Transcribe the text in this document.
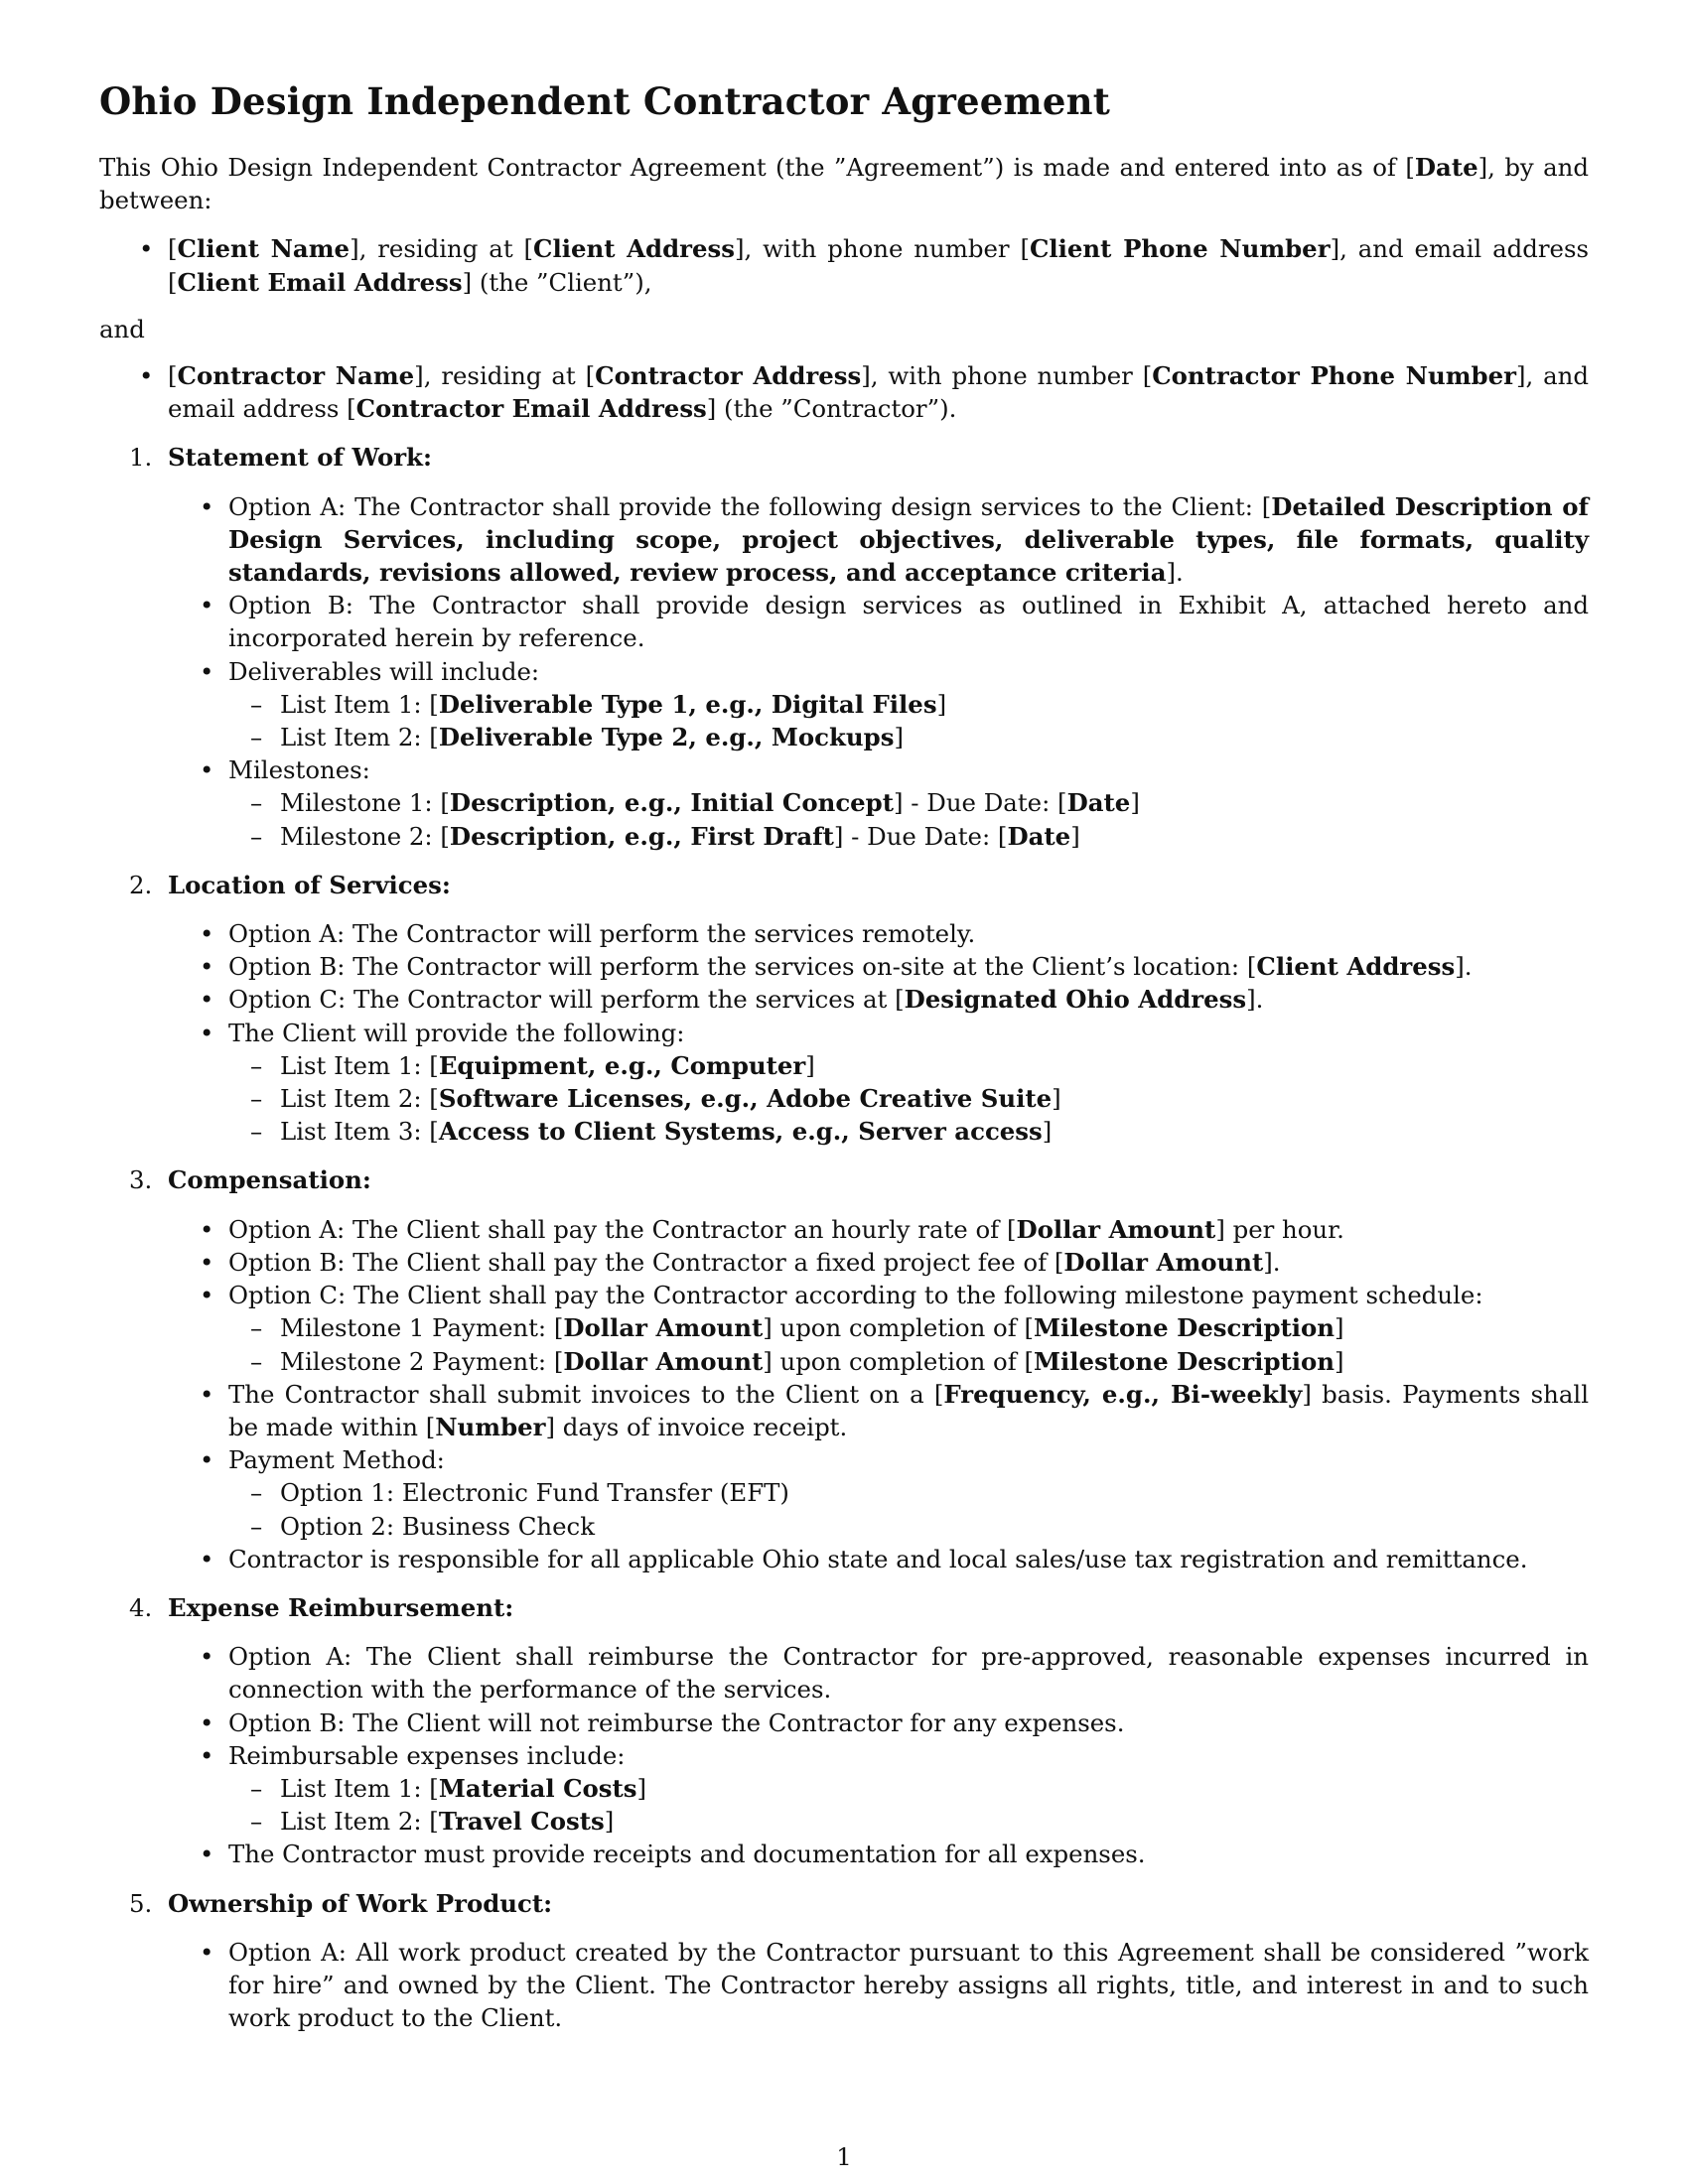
Ohio Design Independent Contractor Agreement

This Ohio Design Independent Contractor Agreement (the ”Agreement”) is made and entered into as of [Date], by and between:

• [Client Name], residing at [Client Address], with phone number [Client Phone Number], and email address [Client Email Address] (the ”Client”),

and

• [Contractor Name], residing at [Contractor Address], with phone number [Contractor Phone Number], and email address [Contractor Email Address] (the ”Contractor”).
1. Statement of Work:
• Option A: The Contractor shall provide the following design services to the Client: [Detailed Description of Design Services, including scope, project objectives, deliverable types, file formats, quality standards, revisions allowed, review process, and acceptance criteria].
• Option B: The Contractor shall provide design services as outlined in Exhibit A, attached hereto and incorporated herein by reference.
• Deliverables will include:
– List Item 1: [Deliverable Type 1, e.g., Digital Files]
– List Item 2: [Deliverable Type 2, e.g., Mockups]
• Milestones:
– Milestone 1: [Description, e.g., Initial Concept] - Due Date: [Date]
– Milestone 2: [Description, e.g., First Draft] - Due Date: [Date]
2. Location of Services:
• Option A: The Contractor will perform the services remotely.
• Option B: The Contractor will perform the services on-site at the Client’s location: [Client Address].
• Option C: The Contractor will perform the services at [Designated Ohio Address].
• The Client will provide the following:
– List Item 1: [Equipment, e.g., Computer]
– List Item 2: [Software Licenses, e.g., Adobe Creative Suite]
– List Item 3: [Access to Client Systems, e.g., Server access]
3. Compensation:
• Option A: The Client shall pay the Contractor an hourly rate of [Dollar Amount] per hour.
• Option B: The Client shall pay the Contractor a fixed project fee of [Dollar Amount].
• Option C: The Client shall pay the Contractor according to the following milestone payment schedule:
– Milestone 1 Payment: [Dollar Amount] upon completion of [Milestone Description]
– Milestone 2 Payment: [Dollar Amount] upon completion of [Milestone Description]
• The Contractor shall submit invoices to the Client on a [Frequency, e.g., Bi-weekly] basis. Payments shall be made within [Number] days of invoice receipt.
• Payment Method:
– Option 1: Electronic Fund Transfer (EFT)
– Option 2: Business Check
• Contractor is responsible for all applicable Ohio state and local sales/use tax registration and remittance.
4. Expense Reimbursement:
• Option A: The Client shall reimburse the Contractor for pre-approved, reasonable expenses incurred in connection with the performance of the services.
• Option B: The Client will not reimburse the Contractor for any expenses.
• Reimbursable expenses include:
– List Item 1: [Material Costs]
– List Item 2: [Travel Costs]
• The Contractor must provide receipts and documentation for all expenses.
5. Ownership of Work Product:
• Option A: All work product created by the Contractor pursuant to this Agreement shall be considered ”work for hire” and owned by the Client. The Contractor hereby assigns all rights, title, and interest in and to such work product to the Client.
1
